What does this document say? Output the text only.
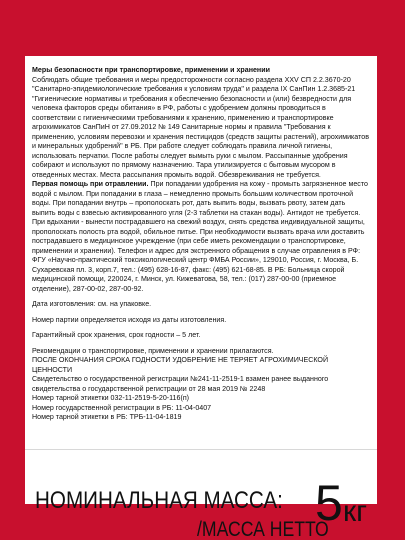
Меры безопасности при транспортировке, применении и хранении
Соблюдать общие требования и меры предосторожности согласно раздела XXV СП 2.2.3670-20 "Санитарно-эпидемиологические требования к условиям труда" и раздела IX СанПин 1.2.3685-21 "Гигиенические нормативы и требования к обеспечению безопасности и (или) безвредности для человека факторов среды обитания» в РФ, работы с удобрением должны проводиться в соответствии с гигиеническими требованиями к хранению, применению и транспортировке агрохимикатов СанПиН от 27.09.2012 № 149 Санитарные нормы и правила "Требования к применению, условиям перевозки и хранения пестицидов (средств защиты растений), агрохимикатов и минеральных удобрений" в РБ. При работе следует соблюдать правила личной гигиены, использовать перчатки. После работы следует вымыть руки с мылом. Рассыпанные удобрения собирают и используют по прямому назначению. Тара утилизируется с бытовым мусором в отведенных местах. Места рассыпания промыть водой. Обезвреживания не требуется.

Первая помощь при отравлении. При попадании удобрения на кожу - промыть загрязненное место водой с мылом. При попадании в глаза – немедленно промыть большим количеством проточной воды. При попадании внутрь – прополоскать рот, дать выпить воды, вызвать рвоту, затем дать выпить воды с взвесью активированного угля (2-3 таблетки на стакан воды). Антидот не требуется. При вдыхании - вынести пострадавшего на свежий воздух, снять средства индивидуальной защиты, прополоскать полость рта водой, обильное питье. При необходимости вызвать врача или доставить пострадавшего в медицинское учреждение (при себе иметь рекомендации о транспортировке, применении и хранении). Телефон и адрес для экстренного обращения в случае отравления в РФ: ФГУ «Научно-практический токсикологический центр ФМБА России», 129010, Россия, г. Москва, Б. Сухаревская пл. 3, корп.7, тел.: (495) 628-16-87, факс: (495) 621-68-85. В РБ: Больница скорой медицинской помощи, 220024, г. Минск, ул. Кижеватова, 58, тел.: (017) 287-00-00 (приемное отделение), 287-00-02, 287-00-92.

Дата изготовления: см. на упаковке.

Номер партии определяется исходя из даты изготовления.

Гарантийный срок хранения, срок годности – 5 лет.

Рекомендации о транспортировке, применении и хранении прилагаются.

ПОСЛЕ ОКОНЧАНИЯ СРОКА ГОДНОСТИ УДОБРЕНИЕ НЕ ТЕРЯЕТ АГРОХИМИЧЕСКОЙ ЦЕННОСТИ

Свидетельство о государственной регистрации №241-11-2519-1 взамен ранее выданного свидетельства о государственной регистрации от 28 мая 2019 № 2248

Номер тарной этикетки 032-11-2519-5-20-116(п)

Номер государственной регистрации в РБ: 11-04-0407

Номер тарной этикетки в РБ: ТРБ-11-04-1819

НОМИНАЛЬНАЯ МАССА:
/МАССА НЕТТО
5 кг
